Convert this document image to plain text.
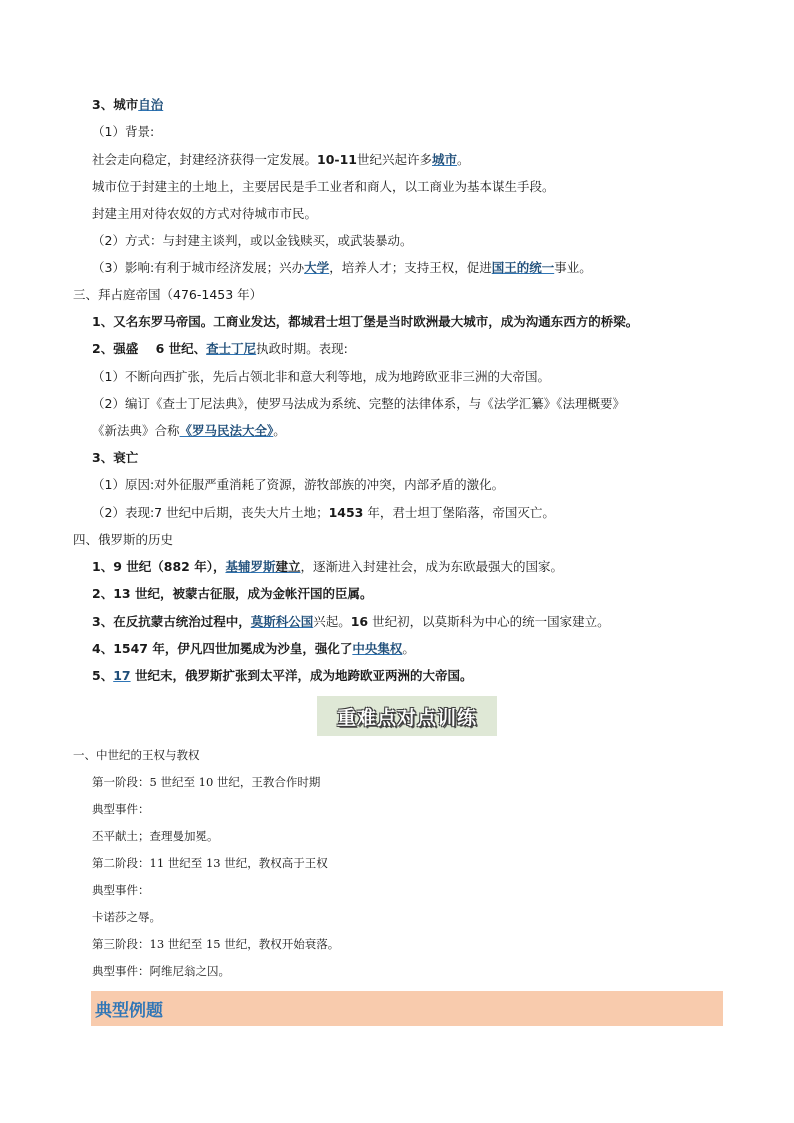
3、城市自治
（1）背景:
社会走向稳定，封建经济获得一定发展。10-11世纪兴起许多城市。
城市位于封建主的土地上，主要居民是手工业者和商人，以工商业为基本谋生手段。
封建主用对待农奴的方式对待城市市民。
（2）方式：与封建主谈判，或以金钱赎买，或武装暴动。
（3）影响:有利于城市经济发展；兴办大学，培养人才；支持王权，促进国王的统一事业。
三、拜占庭帝国（476-1453 年）
1、又名东罗马帝国。工商业发达，都城君士坦丁堡是当时欧洲最大城市，成为沟通东西方的桥梁。
2、强盛    6 世纪、查士丁尼执政时期。表现:
（1）不断向西扩张，先后占领北非和意大利等地，成为地跨欧亚非三洲的大帝国。
（2）编订《查士丁尼法典》，使罗马法成为系统、完整的法律体系，与《法学汇纂》《法理概要》
《新法典》合称《罗马民法大全》。
3、衰亡
（1）原因:对外征服严重消耗了资源，游牧部族的冲突，内部矛盾的激化。
（2）表现:7 世纪中后期，丧失大片土地；1453 年，君士坦丁堡陷落，帝国灭亡。
四、俄罗斯的历史
1、9 世纪（882 年），基辅罗斯建立，逐渐进入封建社会，成为东欧最强大的国家。
2、13 世纪，被蒙古征服，成为金帐汗国的臣属。
3、在反抗蒙古统治过程中，莫斯科公国兴起。16 世纪初，以莫斯科为中心的统一国家建立。
4、1547 年，伊凡四世加冕成为沙皇，强化了中央集权。
5、17 世纪末，俄罗斯扩张到太平洋，成为地跨欧亚两洲的大帝国。
重难点对点训练
一、中世纪的王权与教权
第一阶段：5 世纪至 10 世纪，王教合作时期
典型事件：
丕平献土；查理曼加冕。
第二阶段：11 世纪至 13 世纪，教权高于王权
典型事件：
卡诺莎之辱。
第三阶段：13 世纪至 15 世纪，教权开始衰落。
典型事件：阿维尼翁之囚。
典型例题
